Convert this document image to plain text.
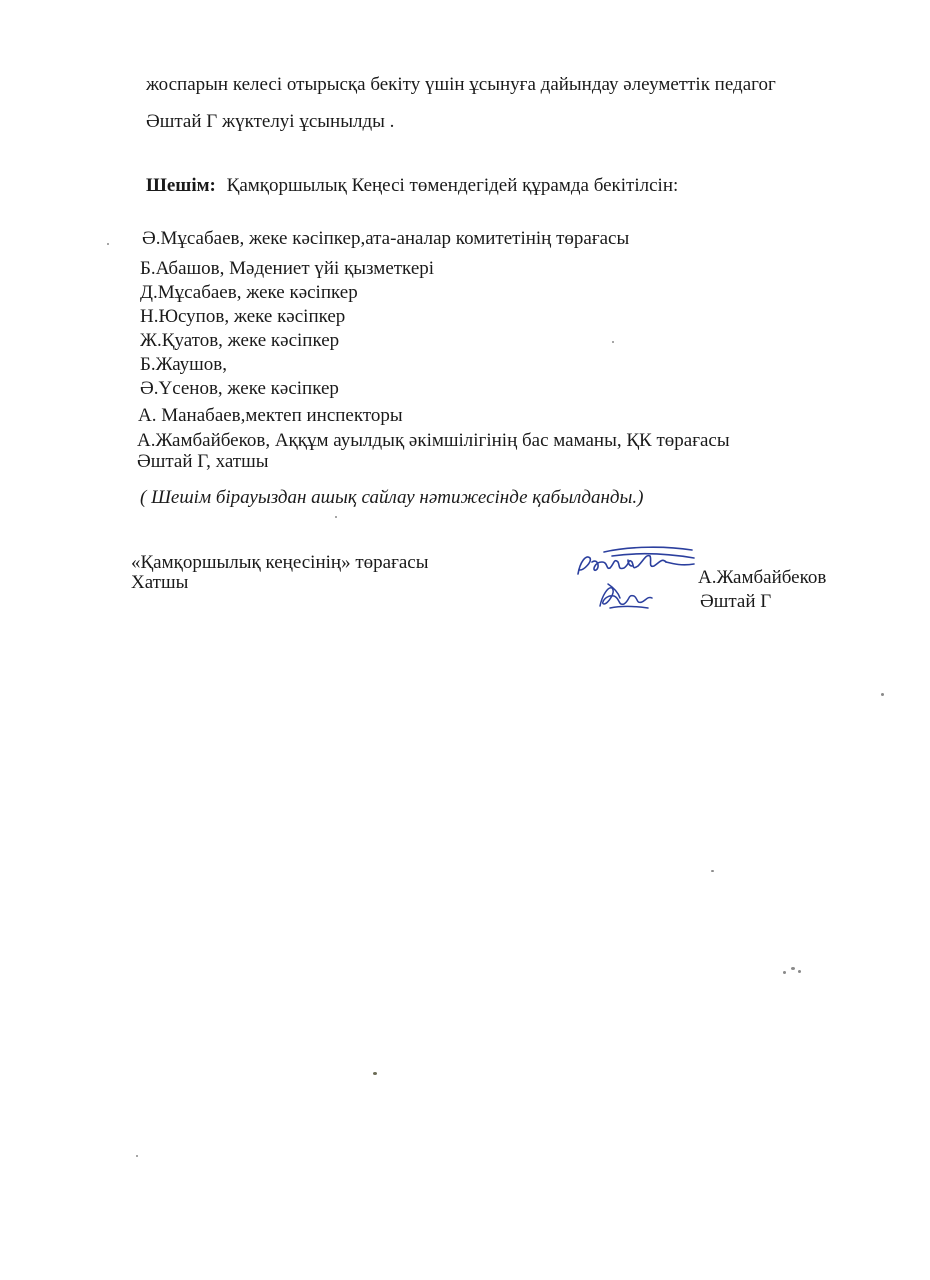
жоспарын келесі отырысқа бекіту үшін ұсынуға дайындау әлеуметтік педагог
Әштай Г жүктелуі ұсынылды .
Шешім: Қамқоршылық Кеңесі төмендегідей құрамда бекітілсін:
Ә.Мұсабаев, жеке кәсіпкер,ата-аналар комитетінің төрағасы
Б.Абашов, Мәдениет үйі қызметкері
Д.Мұсабаев, жеке кәсіпкер
Н.Юсупов, жеке кәсіпкер
Ж.Қуатов, жеке кәсіпкер
Б.Жаушов,
Ә.Үсенов, жеке кәсіпкер
А. Манабаев,мектеп инспекторы
А.Жамбайбеков, Аққұм ауылдық әкімшілігінің бас маманы, ҚК төрағасы
Әштай Г, хатшы
( Шешім бірауыздан ашық сайлау нәтижесінде қабылданды.)
«Қамқоршылық кеңесінің» төрағасы
Хатшы	А.Жамбайбеков
Әштай Г
